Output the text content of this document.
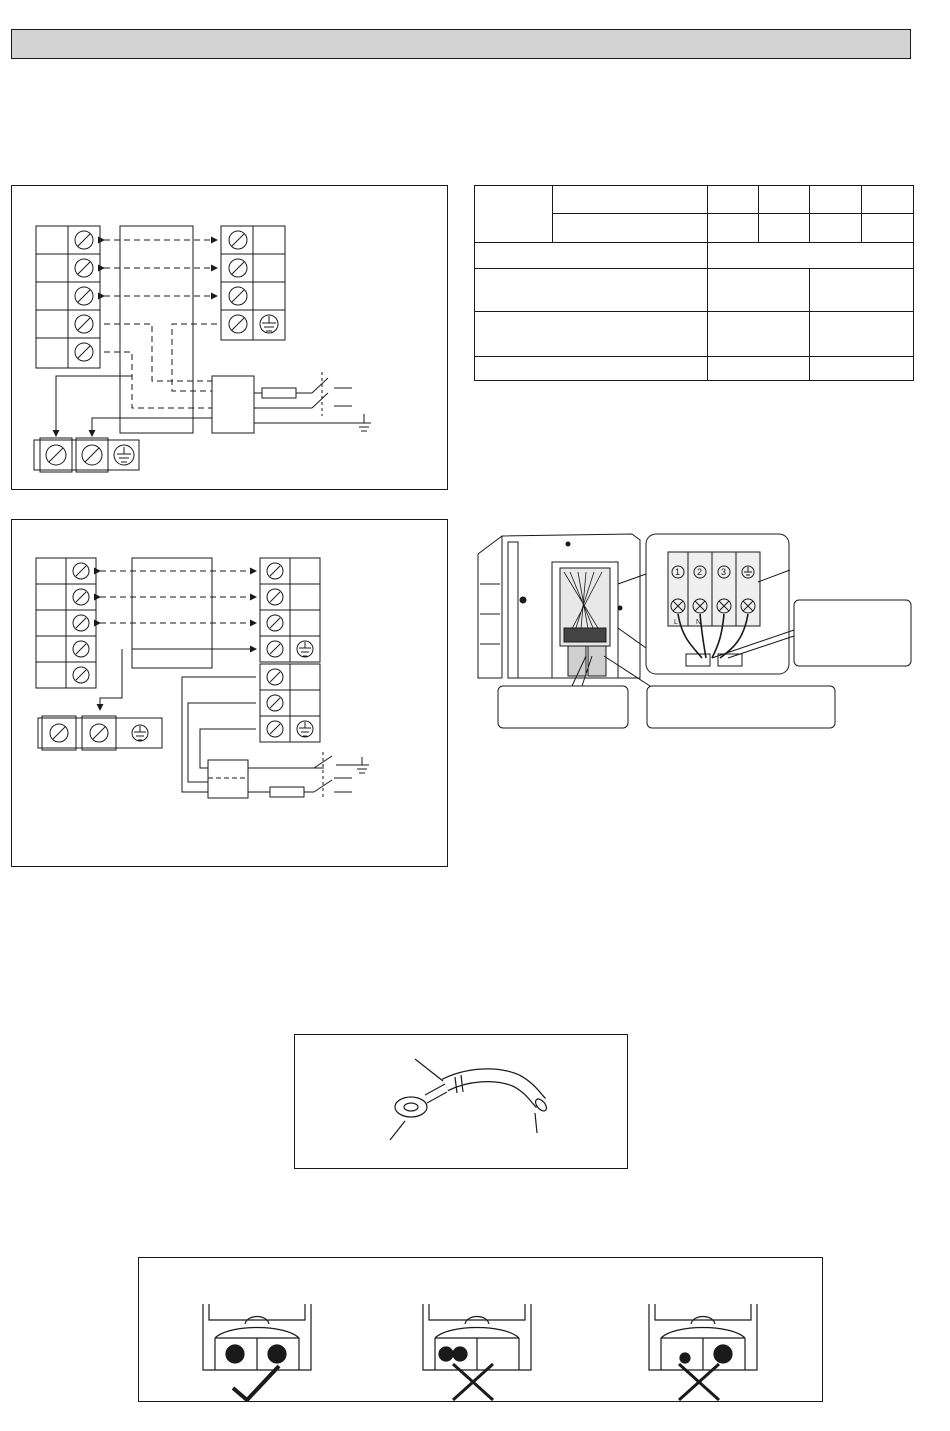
1 2 3
L	N
